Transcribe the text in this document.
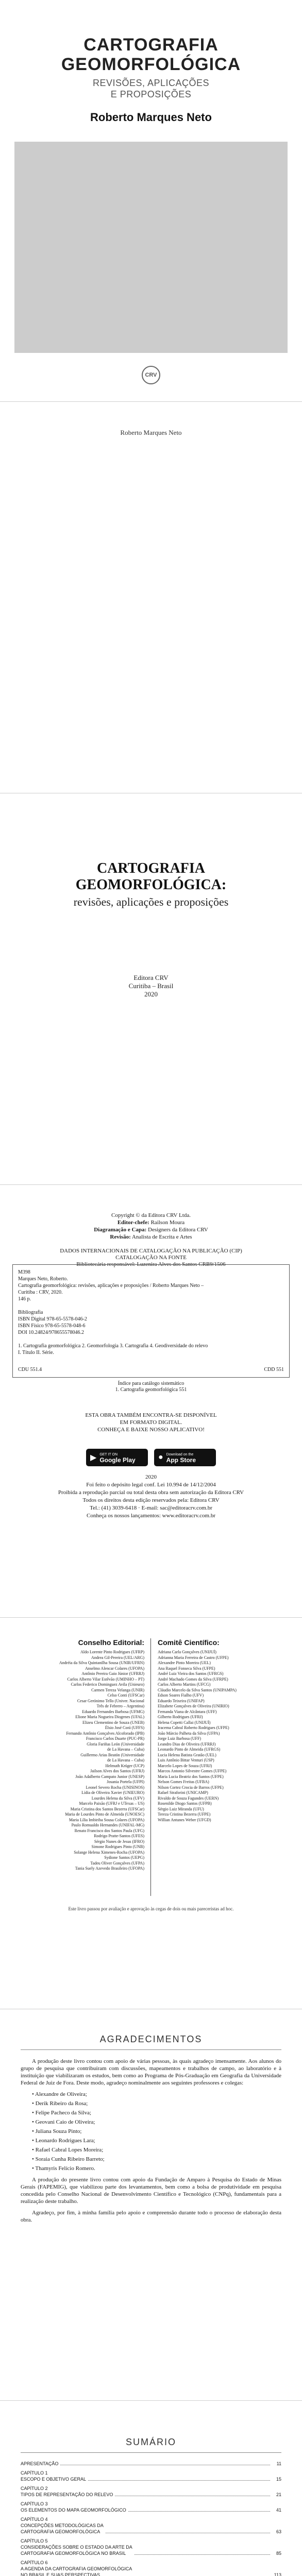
CARTOGRAFIA
GEOMORFOLÓGICA
REVISÕES, APLICAÇÕES
E PROPOSIÇÕES
Roberto Marques Neto
CRV
Roberto Marques Neto
CARTOGRAFIA GEOMORFOLÓGICA:
revisões, aplicações e proposições
Editora CRV
Curitiba – Brasil
2020
Copyright © da Editora CRV Ltda.
Editor-chefe: Railson Moura
Diagramação e Capa: Designers da Editora CRV
Revisão: Analista de Escrita e Artes
DADOS INTERNACIONAIS DE CATALOGAÇÃO NA PUBLICAÇÃO (CIP)
CATALOGAÇÃO NA FONTE
Bibliotecária responsável: Luzenira Alves dos Santos CRB9/1506
M398
Marques Neto, Roberto.
Cartografia geomorfológica: revisões, aplicações e proposições / Roberto Marques Neto –
Curitiba : CRV, 2020.
146 p.

Bibliografia
ISBN Digital 978-65-5578-046-2
ISBN Físico 978-65-5578-048-6
DOI 10.24824/978655578046.2

1. Cartografia geomorfológica 2. Geomorfologia 3. Cartografia 4. Geodiversidade do relevo
I. Título II. Série.
CDU 551.4	CDD 551
Índice para catálogo sistemático
1. Cartografia geomorfológica 551
ESTA OBRA TAMBÉM ENCONTRA-SE DISPONÍVEL
EM FORMATO DIGITAL.
CONHEÇA E BAIXE NOSSO APLICATIVO!
▶ GET IT ON
Google Play	● Download on the
App Store
2020
Foi feito o depósito legal conf. Lei 10.994 de 14/12/2004
Proibida a reprodução parcial ou total desta obra sem autorização da Editora CRV
Todos os direitos desta edição reservados pela: Editora CRV
Tel.: (41) 3039-6418 · E-mail: sac@editoracrv.com.br
Conheça os nossos lançamentos: www.editoracrv.com.br
Conselho Editorial:
Aldo Lorente Pinto Rodrigues (UFRP)
Andrea Gil-Pereira (UEL/ARG)
Andréia da Silva Quintanilha Sousa (UNIR/UFRN)
Anselmo Alencar Colares (UFOPA)
Antônio Pereira Gaio Júnior (UFRRJ)
Carlos Alberto Vilar Estêvão (UMINHO – PT)
Carlos Federico Dominguez Avila (Unieuro)
Carmen Tereza Velanga (UNIR)
Celso Conti (UFSCar)
Cesar Gerónimo Tello (Univer. Nacional
Três de Febrero – Argentina)
Eduardo Fernandes Barbosa (UFMG)
Elione Maria Nogueira Diogenes (UFAL)
Elizeu Clementino de Souza (UNEB)
Élsio José Corá (UFFS)
Fernando Antônio Gonçalves Alcoforado (IPB)
Francisco Carlos Duarte (PUC-PR)
Gloria Fariñas León (Universidade
de La Havana – Cuba)
Guillermo Arias Beatón (Universidade
de La Havana – Cuba)
Helmuth Krüger (UCP)
Jailson Alves dos Santos (UFRJ)
João Adalberto Campato Junior (UNESP)
Josania Portela (UFPI)
Leonel Severo Rocha (UNISINOS)
Lídia de Oliveira Xavier (UNIEURO)
Lourdes Helena da Silva (UFV)
Marcelo Paixão (UFRJ e UTexas – US)
Maria Cristina dos Santos Bezerra (UFSCar)
Maria de Lourdes Pinto de Almeida (UNOESC)
Maria Lília Imbiriba Sousa Colares (UFOPA)
Paulo Romualdo Hernandes (UNIFAL-MG)
Renato Francisco dos Santos Paula (UFG)
Rodrigo Pratte-Santos (UFES)
Sérgio Nunes de Jesus (IFRO)
Simone Rodrigues Pinto (UNB)
Solange Helena Ximenes-Rocha (UFOPA)
Sydione Santos (UEPG)
Tadeu Oliver Gonçalves (UFPA)
Tania Suely Azevedo Brasileiro (UFOPA)
Comitê Científico:
Adriana Carla Gonçalves (UNIJUÍ)
Adrianna Maria Ferreira de Castro (UFPE)
Alexandre Pinto Moreira (UEL)
Ana Raquel Fonseca Silva (UFPE)
André Luiz Vieira dos Santos (UFRGS)
André Machado Gomes da Silva (UFRPE)
Carlos Alberto Martins (UFCG)
Cláudio Marcelo da Silva Santos (UNIPAMPA)
Edson Soares Fialho (UFV)
Eduardo Teixeira (UNIFAP)
Elizabete Gonçalves de Oliveira (UNIRIO)
Fernanda Viana de Alcântara (UFF)
Gilberto Rodrigues (UFRJ)
Helena Copetti Callai (UNIJUÍ)
Iracema Cabral Roberto Rodrigues (UFPE)
João Márcio Palheta da Silva (UFPA)
Jorge Luiz Barbosa (UFF)
Leandro Dias de Oliveira (UFRRJ)
Leonardo Pinto de Almeida (UFRGS)
Lucia Helena Batista Gratão (UEL)
Luis Antônio Bittar Venturi (USP)
Marcelo Lopes de Souza (UFRJ)
Marcos Antonio Silvestre Gomes (UFPE)
Maria Lucia Beatriz dos Santos (UFPE)
Nelson Gomes Freitas (UFBA)
Nilson Cortez Crocia de Barros (UFPE)
Rafael Straforini (UNICAMP)
Rivaldo de Souza Fagundes (UERN)
Rosenilde Diogo Santos (UFPB)
Sérgio Luiz Miranda (UFU)
Tereza Cristina Bezerra (UFPE)
Willian Antunes Weber (UFGD)
Este livro passou por avaliação e aprovação às cegas de dois ou mais pareceristas ad hoc.
AGRADECIMENTOS

A produção deste livro contou com apoio de várias pessoas, às quais agradeço imensamente. Aos alunos do grupo de pesquisa que contribuíram com discussões, mapeamentos e trabalhos de campo, ao laboratório e à instituição que viabilizaram os estudos, bem como ao Programa de Pós-Graduação em Geografia da Universidade Federal de Juiz de Fora. Deste modo, agradeço nominalmente aos seguintes professores e colegas:

• Alexandre de Oliveira;
• Derik Ribeiro da Rosa;
• Felipe Pacheco da Silva;
• Geovani Caio de Oliveira;
• Juliana Souza Pinto;
• Leonardo Rodrigues Lara;
• Rafael Cabral Lopes Moreira;
• Soraia Cunha Ribeiro Barreto;
• Thamyris Felício Romero.

A produção do presente livro contou com apoio da Fundação de Amparo à Pesquisa do Estado de Minas Gerais (FAPEMIG), que viabilizou parte dos levantamentos, bem como a bolsa de produtividade em pesquisa concedida pelo Conselho Nacional de Desenvolvimento Científico e Tecnológico (CNPq), fundamentais para a realização deste trabalho.

Agradeço, por fim, à minha família pelo apoio e compreensão durante todo o processo de elaboração desta obra.

SUMÁRIO
APRESENTAÇÃO	11
CAPÍTULO 1
ESCOPO E OBJETIVO GERAL	15
CAPÍTULO 2
TIPOS DE REPRESENTAÇÃO DO RELEVO	21
CAPÍTULO 3
OS ELEMENTOS DO MAPA GEOMORFOLÓGICO	41
CAPÍTULO 4
CONCEPÇÕES METODOLÓGICAS DA
CARTOGRAFIA GEOMORFOLÓGICA	63
CAPÍTULO 5
CONSIDERAÇÕES SOBRE O ESTADO DA ARTE DA
CARTOGRAFIA GEOMORFOLÓGICA NO BRASIL	85
CAPÍTULO 6
A AGENDA DA CARTOGRAFIA GEOMORFOLÓGICA
NO BRASIL E SUAS PERSPECTIVAS	113
